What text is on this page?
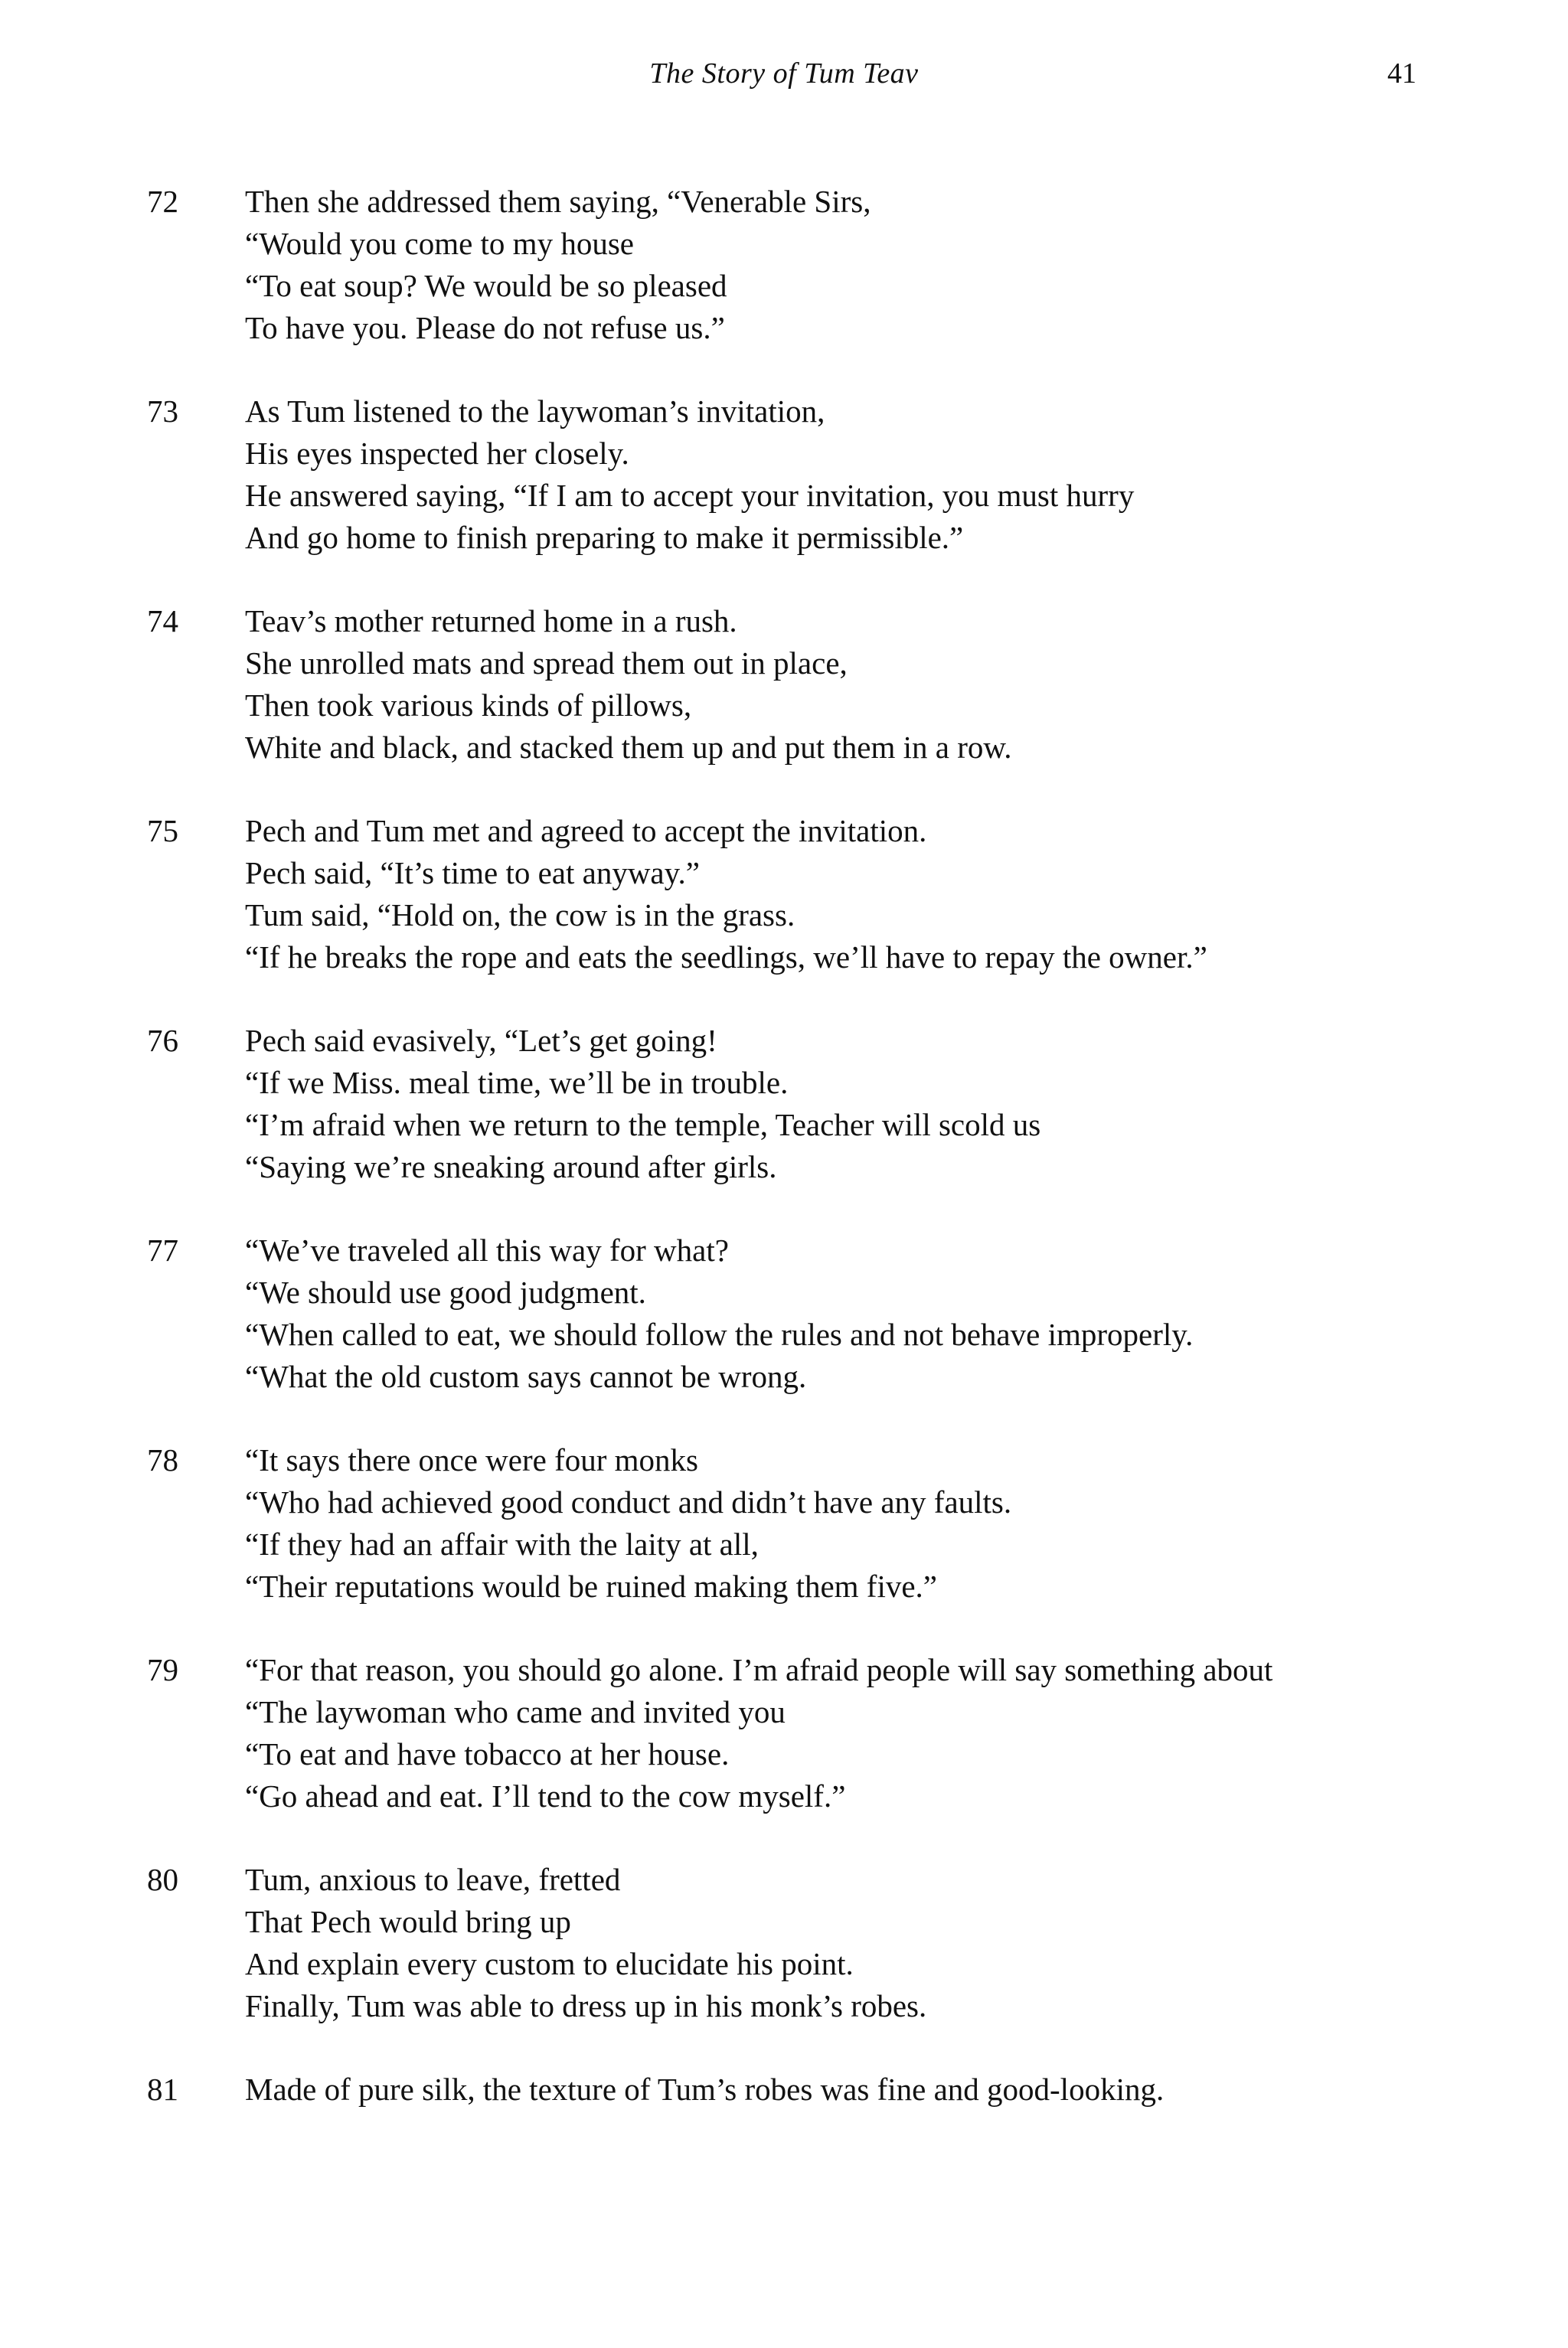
The Story of Tum Teav	41
72 Then she addressed them saying, “Venerable Sirs,
“Would you come to my house
“To eat soup? We would be so pleased
To have you. Please do not refuse us.”
73 As Tum listened to the laywoman’s invitation,
His eyes inspected her closely.
He answered saying, “If I am to accept your invitation, you must hurry
And go home to finish preparing to make it permissible.”
74 Teav’s mother returned home in a rush.
She unrolled mats and spread them out in place,
Then took various kinds of pillows,
White and black, and stacked them up and put them in a row.
75 Pech and Tum met and agreed to accept the invitation.
Pech said, “It’s time to eat anyway.”
Tum said, “Hold on, the cow is in the grass.
“If he breaks the rope and eats the seedlings, we’ll have to repay the owner.”
76 Pech said evasively, “Let’s get going!
“If we Miss. meal time, we’ll be in trouble.
“I’m afraid when we return to the temple, Teacher will scold us
“Saying we’re sneaking around after girls.
77 “We’ve traveled all this way for what?
“We should use good judgment.
“When called to eat, we should follow the rules and not behave improperly.
“What the old custom says cannot be wrong.
78 “It says there once were four monks
“Who had achieved good conduct and didn’t have any faults.
“If they had an affair with the laity at all,
“Their reputations would be ruined making them five.”
79 “For that reason, you should go alone. I’m afraid people will say something about
“The laywoman who came and invited you
“To eat and have tobacco at her house.
“Go ahead and eat. I’ll tend to the cow myself.”
80 Tum, anxious to leave, fretted
That Pech would bring up
And explain every custom to elucidate his point.
Finally, Tum was able to dress up in his monk’s robes.
81 Made of pure silk, the texture of Tum’s robes was fine and good-looking.
